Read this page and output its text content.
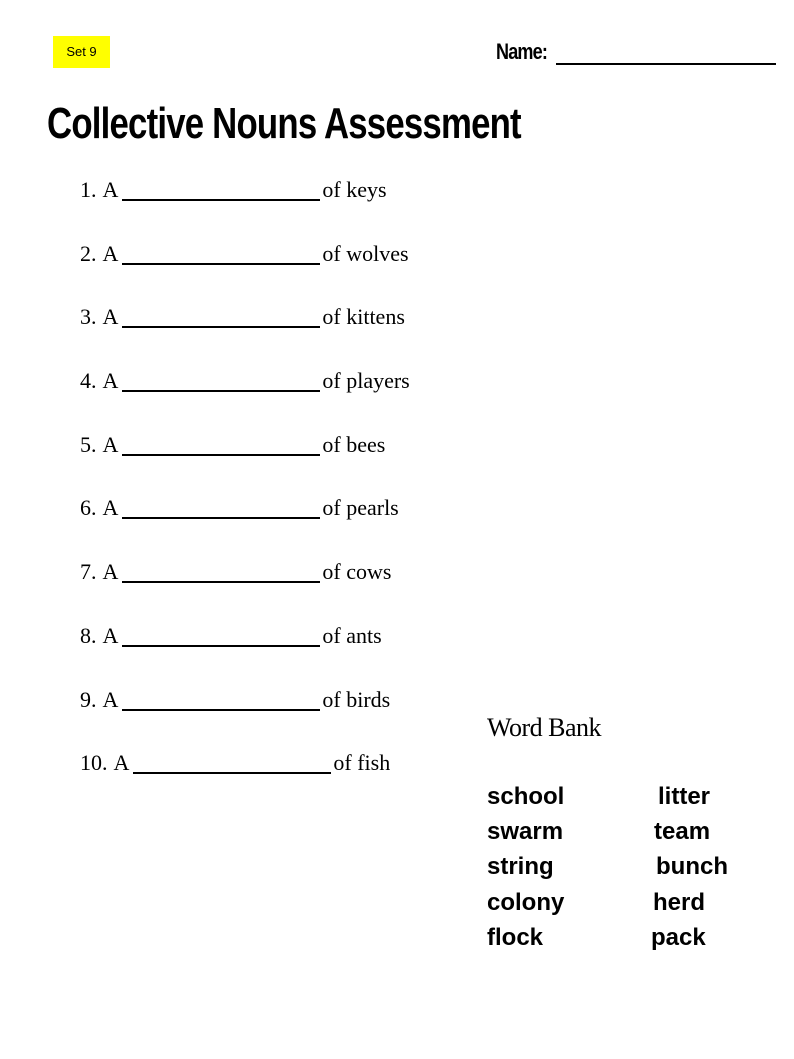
Set 9	Name:
Collective Nouns Assessment
1. A	of keys
2. A	of wolves
3. A	of kittens
4. A	of players
5. A	of bees
6. A	of pearls
7. A	of cows
8. A	of ants
9. A	of birds
10. A	of fish
Word Bank
school
swarm
string
colony
flock
litter
team
bunch
herd
pack
